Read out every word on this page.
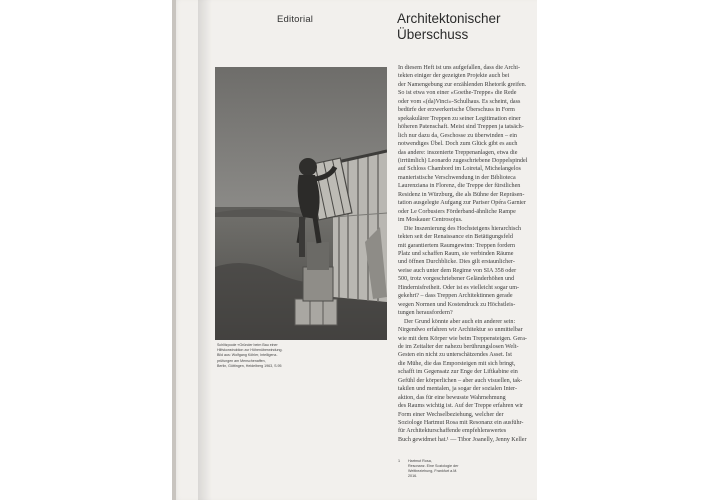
Editorial	Architektonischer
Überschuss
Schlitzpoole «Gründer beim Bau einer
Hilfskonstruktion zur Höhenüberwindung.
Bild aus: Wolfgang Köhler, Intelligenz-
prüfungen am Menschenaffen,
Berlin, Göttingen, Heidelberg 1963, S.95
In diesem Heft ist uns aufgefallen, dass die Archi-
tekten einiger der gezeigten Projekte auch bei
der Namengebung zur erzählenden Rhetorik greifen.
So ist etwa von einer «Goethe-Treppe» die Rede
oder vom «(da)Vinci»-Schulhaus. Es scheint, dass
bedürfe der erzwerkerische Überschuss in Form
spekakulärer Treppen zu seiner Legitimation einer
höheren Patenschaft. Meist sind Treppen ja tatsäch-
lich nur dazu da, Geschosse zu überwinden – ein
notwendiges Übel. Doch zum Glück gibt es auch
das andere: inszenierte Treppenanlagen, etwa die
(irrtümlich) Leonardo zugeschriebene Doppelspindel
auf Schloss Chambord im Loiretal, Michelangelos
manieristische Verschwendung in der Biblioteca
Laurenziana in Florenz, die Treppe der fürstlichen
Residenz in Würzburg, die als Bühne der Repräsen-
tation ausgelegte Aufgang zur Pariser Opéra Garnier
oder Le Corbusiers Förderband-ähnliche Rampe
im Moskauer Centrosojus.
Die Inszenierung des Hochsteigens hierarchisch
tekten seit der Renaissance ein Betätigungsfeld
mit garantiertem Raumgewinn: Treppen fordern
Platz und schaffen Raum, sie verbinden Räume
und öffnen Durchblicke. Dies gilt erstaunlicher-
weise auch unter dem Regime von SIA 358 oder
500, trotz vorgeschriebener Geländerhöhen und
Hindernisfreiheit. Oder ist es vielleicht sogar um-
gekehrt? – dass Treppen Architektinnen gerade
wegen Normen und Kostendruck zu Höchstleis-
tungen herausfordern?
Der Grund könnte aber auch ein anderer sein:
Nirgendwo erfahren wir Architektur so unmittelbar
wie mit dem Körper wie beim Treppensteigen. Gera-
de im Zeitalter der nahezu berührungslosen Welt-
Gesten ein nicht zu unterschätzendes Asset. Ist
die Mühe, die das Emporsteigen mit sich bringt,
schafft im Gegensatz zur Enge der Liftkabine ein
Gefühl der körperlichen – aber auch visuellen, tak-
takilen und mentalen, ja sogar der sozialen Inter-
aktion, das für eine bewusste Wahrnehmung
des Raums wichtig ist. Auf der Treppe erfahren wir
Form einer Wechselbeziehung, welcher der
Soziologe Hartmut Rosa mit Resonanz ein ausführ-
für Architekturschaffende empfehlenswertes
Buch gewidmet hat.¹ — Tibor Joanelly, Jenny Keller
1 Hartmut Rosa,
Resonanz. Eine Soziologie der
Weltbeziehung, Frankfurt a.M.
2016.
